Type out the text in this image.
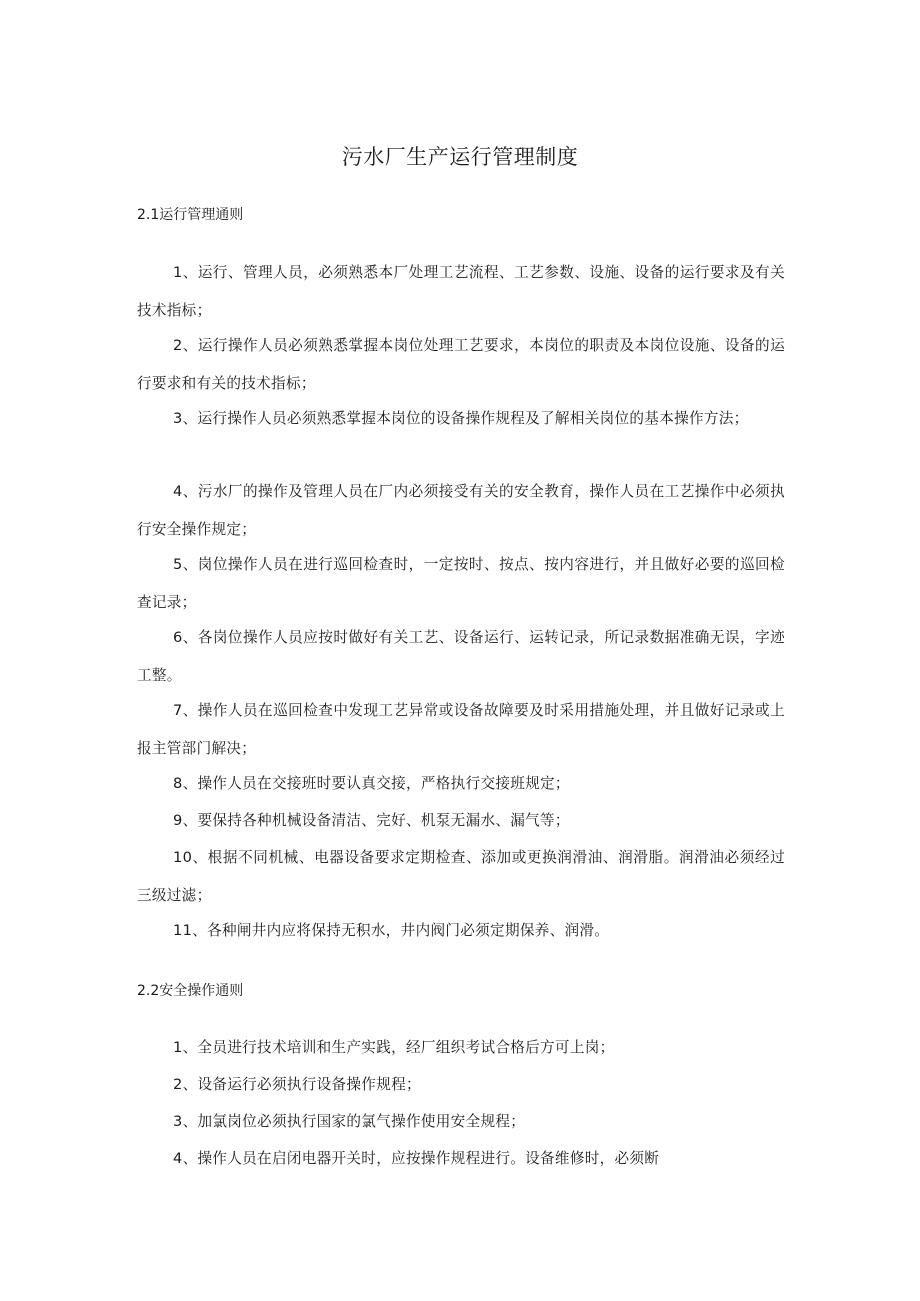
污水厂生产运行管理制度
2.1运行管理通则

1、运行、管理人员，必须熟悉本厂处理工艺流程、工艺参数、设施、设备的运行要求及有关技术指标；

2、运行操作人员必须熟悉掌握本岗位处理工艺要求，本岗位的职责及本岗位设施、设备的运行要求和有关的技术指标；

3、运行操作人员必须熟悉掌握本岗位的设备操作规程及了解相关岗位的基本操作方法；

4、污水厂的操作及管理人员在厂内必须接受有关的安全教育，操作人员在工艺操作中必须执行安全操作规定；

5、岗位操作人员在进行巡回检查时，一定按时、按点、按内容进行，并且做好必要的巡回检查记录；

6、各岗位操作人员应按时做好有关工艺、设备运行、运转记录，所记录数据准确无误，字迹工整。

7、操作人员在巡回检查中发现工艺异常或设备故障要及时采用措施处理，并且做好记录或上报主管部门解决；

8、操作人员在交接班时要认真交接，严格执行交接班规定；

9、要保持各种机械设备清洁、完好、机泵无漏水、漏气等；

10、根据不同机械、电器设备要求定期检查、添加或更换润滑油、润滑脂。润滑油必须经过三级过滤；

11、各种闸井内应将保持无积水，井内阀门必须定期保养、润滑。

2.2安全操作通则

1、全员进行技术培训和生产实践，经厂组织考试合格后方可上岗；

2、设备运行必须执行设备操作规程；

3、加氯岗位必须执行国家的氯气操作使用安全规程；

4、操作人员在启闭电器开关时，应按操作规程进行。设备维修时，必须断
